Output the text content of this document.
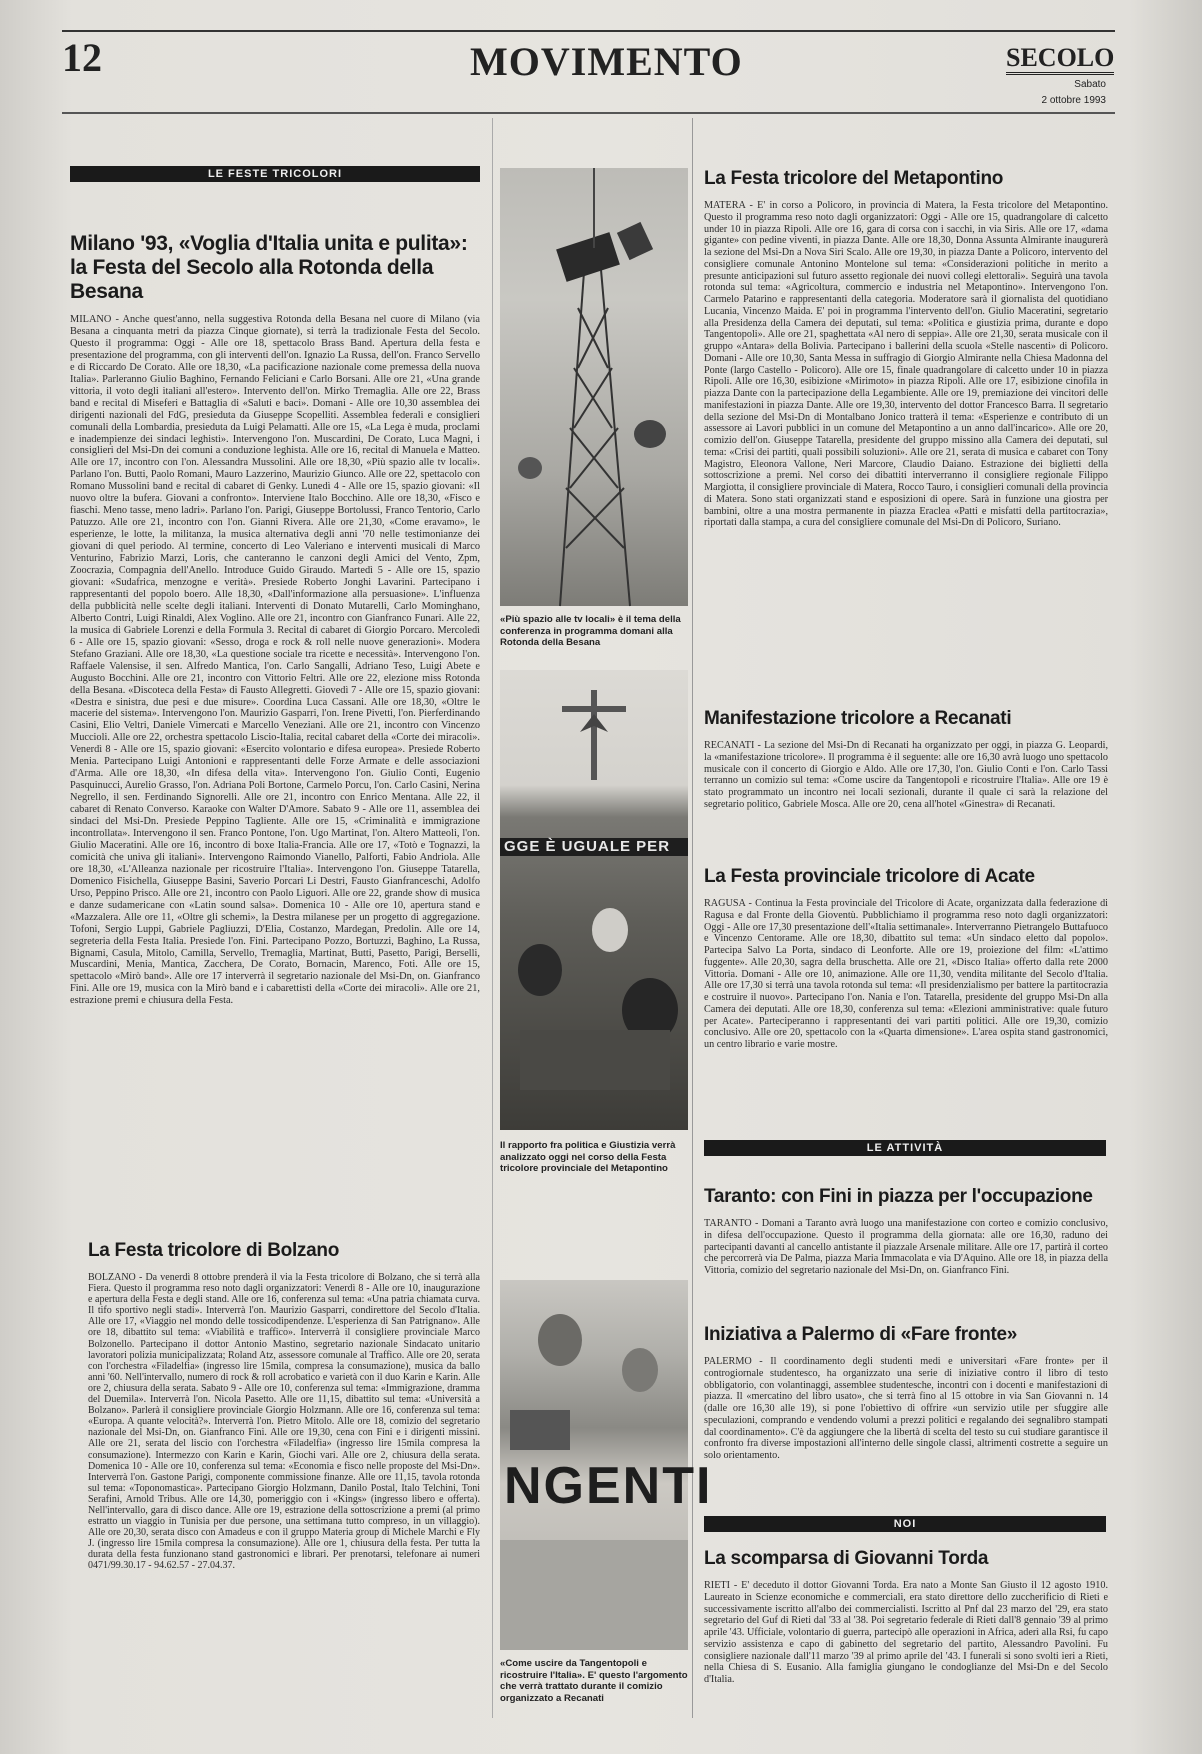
12	MOVIMENTO	SECOLO
Sabato
2 ottobre 1993
LE FESTE TRICOLORI
Milano '93, «Voglia d'Italia unita e pulita»:
la Festa del Secolo alla Rotonda della Besana
MILANO - Anche quest'anno, nella suggestiva Rotonda della Besana nel cuore di Milano (via Besana a cinquanta metri da piazza Cinque giornate), si terrà la tradizionale Festa del Secolo. Questo il programma: Oggi - Alle ore 18, spettacolo Brass Band. Apertura della festa e presentazione del programma, con gli interventi dell'on. Ignazio La Russa, dell'on. Franco Servello e di Riccardo De Corato. Alle ore 18,30, «La pacificazione nazionale come premessa della nuova Italia». Parleranno Giulio Baghino, Fernando Feliciani e Carlo Borsani. Alle ore 21, «Una grande vittoria, il voto degli italiani all'estero». Intervento dell'on. Mirko Tremaglia. Alle ore 22, Brass band e recital di Miseferi e Battaglia di «Saluti e baci». Domani - Alle ore 10,30 assemblea dei dirigenti nazionali del FdG, presieduta da Giuseppe Scopelliti. Assemblea federali e consiglieri comunali della Lombardia, presieduta da Luigi Pelamatti. Alle ore 15, «La Lega è muda, proclami e inadempienze dei sindaci leghisti». Intervengono l'on. Muscardini, De Corato, Luca Magni, i consiglieri del Msi-Dn dei comuni a conduzione leghista. Alle ore 16, recital di Manuela e Matteo. Alle ore 17, incontro con l'on. Alessandra Mussolini. Alle ore 18,30, «Più spazio alle tv locali». Parlano l'on. Butti, Paolo Romani, Mauro Lazzerino, Maurizio Giunco. Alle ore 22, spettacolo con Romano Mussolini band e recital di cabaret di Genky. Lunedì 4 - Alle ore 15, spazio giovani: «Il nuovo oltre la bufera. Giovani a confronto». Interviene Italo Bocchino. Alle ore 18,30, «Fisco e fiaschi. Meno tasse, meno ladri». Parlano l'on. Parigi, Giuseppe Bortolussi, Franco Tentorio, Carlo Patuzzo. Alle ore 21, incontro con l'on. Gianni Rivera. Alle ore 21,30, «Come eravamo», le esperienze, le lotte, la militanza, la musica alternativa degli anni '70 nelle testimonianze dei giovani di quel periodo. Al termine, concerto di Leo Valeriano e interventi musicali di Marco Venturino, Fabrizio Marzi, Loris, che canteranno le canzoni degli Amici del Vento, Zpm, Zoocrazia, Compagnia dell'Anello. Introduce Guido Giraudo. Martedì 5 - Alle ore 15, spazio giovani: «Sudafrica, menzogne e verità». Presiede Roberto Jonghi Lavarini. Partecipano i rappresentanti del popolo boero. Alle 18,30, «Dall'informazione alla persuasione». L'influenza della pubblicità nelle scelte degli italiani. Interventi di Donato Mutarelli, Carlo Mominghano, Alberto Contri, Luigi Rinaldi, Alex Voglino. Alle ore 21, incontro con Gianfranco Funari. Alle 22, la musica di Gabriele Lorenzi e della Formula 3. Recital di cabaret di Giorgio Porcaro. Mercoledì 6 - Alle ore 15, spazio giovani: «Sesso, droga e rock & roll nelle nuove generazioni». Modera Stefano Graziani. Alle ore 18,30, «La questione sociale tra ricette e necessità». Intervengono l'on. Raffaele Valensise, il sen. Alfredo Mantica, l'on. Carlo Sangalli, Adriano Teso, Luigi Abete e Augusto Bocchini. Alle ore 21, incontro con Vittorio Feltri. Alle ore 22, elezione miss Rotonda della Besana. «Discoteca della Festa» di Fausto Allegretti. Giovedì 7 - Alle ore 15, spazio giovani: «Destra e sinistra, due pesi e due misure». Coordina Luca Cassani. Alle ore 18,30, «Oltre le macerie del sistema». Intervengono l'on. Maurizio Gasparri, l'on. Irene Pivetti, l'on. Pierferdinando Casini, Elio Veltri, Daniele Vimercati e Marcello Veneziani. Alle ore 21, incontro con Vincenzo Muccioli. Alle ore 22, orchestra spettacolo Liscio-Italia, recital cabaret della «Corte dei miracoli». Venerdì 8 - Alle ore 15, spazio giovani: «Esercito volontario e difesa europea». Presiede Roberto Menia. Partecipano Luigi Antonioni e rappresentanti delle Forze Armate e delle associazioni d'Arma. Alle ore 18,30, «In difesa della vita». Intervengono l'on. Giulio Conti, Eugenio Pasquinucci, Aurelio Grasso, l'on. Adriana Poli Bortone, Carmelo Porcu, l'on. Carlo Casini, Nerina Negrello, il sen. Ferdinando Signorelli. Alle ore 21, incontro con Enrico Mentana. Alle 22, il cabaret di Renato Converso. Karaoke con Walter D'Amore. Sabato 9 - Alle ore 11, assemblea dei sindaci del Msi-Dn. Presiede Peppino Tagliente. Alle ore 15, «Criminalità e immigrazione incontrollata». Intervengono il sen. Franco Pontone, l'on. Ugo Martinat, l'on. Altero Matteoli, l'on. Giulio Maceratini. Alle ore 16, incontro di boxe Italia-Francia. Alle ore 17, «Totò e Tognazzi, la comicità che univa gli italiani». Intervengono Raimondo Vianello, Palforti, Fabio Andriola. Alle ore 18,30, «L'Alleanza nazionale per ricostruire l'Italia». Intervengono l'on. Giuseppe Tatarella, Domenico Fisichella, Giuseppe Basini, Saverio Porcari Li Destri, Fausto Gianfranceschi, Adolfo Urso, Peppino Prisco. Alle ore 21, incontro con Paolo Liguori. Alle ore 22, grande show di musica e danze sudamericane con «Latin sound salsa». Domenica 10 - Alle ore 10, apertura stand e «Mazzalera. Alle ore 11, «Oltre gli schemi», la Destra milanese per un progetto di aggregazione. Tofoni, Sergio Luppi, Gabriele Pagliuzzi, D'Elia, Costanzo, Mardegan, Predolin. Alle ore 14, segreteria della Festa Italia. Presiede l'on. Fini. Partecipano Pozzo, Bortuzzi, Baghino, La Russa, Bignami, Casula, Mitolo, Camilla, Servello, Tremaglia, Martinat, Butti, Pasetto, Parigi, Berselli, Muscardini, Menia, Mantica, Zacchera, De Corato, Bornacin, Marenco, Foti. Alle ore 15, spettacolo «Mirò band». Alle ore 17 interverrà il segretario nazionale del Msi-Dn, on. Gianfranco Fini. Alle ore 19, musica con la Mirò band e i cabarettisti della «Corte dei miracoli». Alle ore 21, estrazione premi e chiusura della Festa.
La Festa tricolore di Bolzano
BOLZANO - Da venerdì 8 ottobre prenderà il via la Festa tricolore di Bolzano, che si terrà alla Fiera. Questo il programma reso noto dagli organizzatori: Venerdì 8 - Alle ore 10, inaugurazione e apertura della Festa e degli stand. Alle ore 16, conferenza sul tema: «Una patria chiamata curva. Il tifo sportivo negli stadi». Interverrà l'on. Maurizio Gasparri, condirettore del Secolo d'Italia. Alle ore 17, «Viaggio nel mondo delle tossicodipendenze. L'esperienza di San Patrignano». Alle ore 18, dibattito sul tema: «Viabilità e traffico». Interverrà il consigliere provinciale Marco Bolzonello. Partecipano il dottor Antonio Mastino, segretario nazionale Sindacato unitario lavoratori polizia municipalizzata; Roland Atz, assessore comunale al Traffico. Alle ore 20, serata con l'orchestra «Filadelfia» (ingresso lire 15mila, compresa la consumazione), musica da ballo anni '60. Nell'intervallo, numero di rock & roll acrobatico e varietà con il duo Karin e Karin. Alle ore 2, chiusura della serata. Sabato 9 - Alle ore 10, conferenza sul tema: «Immigrazione, dramma del Duemila». Interverrà l'on. Nicola Pasetto. Alle ore 11,15, dibattito sul tema: «Università a Bolzano». Parlerà il consigliere provinciale Giorgio Holzmann. Alle ore 16, conferenza sul tema: «Europa. A quante velocità?». Interverrà l'on. Pietro Mitolo. Alle ore 18, comizio del segretario nazionale del Msi-Dn, on. Gianfranco Fini. Alle ore 19,30, cena con Fini e i dirigenti missini. Alle ore 21, serata del liscio con l'orchestra «Filadelfia» (ingresso lire 15mila compresa la consumazione). Intermezzo con Karin e Karin, Giochi vari. Alle ore 2, chiusura della serata. Domenica 10 - Alle ore 10, conferenza sul tema: «Economia e fisco nelle proposte del Msi-Dn». Interverrà l'on. Gastone Parigi, componente commissione finanze. Alle ore 11,15, tavola rotonda sul tema: «Toponomastica». Partecipano Giorgio Holzmann, Danilo Postal, Italo Telchini, Toni Serafini, Arnold Tribus. Alle ore 14,30, pomeriggio con i «Kings» (ingresso libero e offerta). Nell'intervallo, gara di disco dance. Alle ore 19, estrazione della sottoscrizione a premi (al primo estratto un viaggio in Tunisia per due persone, una settimana tutto compreso, in un villaggio). Alle ore 20,30, serata disco con Amadeus e con il gruppo Materia group di Michele Marchi e Fly J. (ingresso lire 15mila compresa la consumazione). Alle ore 1, chiusura della festa. Per tutta la durata della festa funzionano stand gastronomici e librari. Per prenotarsi, telefonare ai numeri 0471/99.30.17 - 94.62.57 - 27.04.37.
«Più spazio alle tv locali» è il tema della conferenza in programma domani alla Rotonda della Besana
GGE È UGUALE PER
Il rapporto fra politica e Giustizia verrà analizzato oggi nel corso della Festa tricolore provinciale del Metapontino
NGENTI
«Come uscire da Tangentopoli e ricostruire l'Italia». E' questo l'argomento che verrà trattato durante il comizio organizzato a Recanati
La Festa tricolore del Metapontino
MATERA - E' in corso a Policoro, in provincia di Matera, la Festa tricolore del Metapontino. Questo il programma reso noto dagli organizzatori: Oggi - Alle ore 15, quadrangolare di calcetto under 10 in piazza Ripoli. Alle ore 16, gara di corsa con i sacchi, in via Siris. Alle ore 17, «dama gigante» con pedine viventi, in piazza Dante. Alle ore 18,30, Donna Assunta Almirante inaugurerà la sezione del Msi-Dn a Nova Siri Scalo. Alle ore 19,30, in piazza Dante a Policoro, intervento del consigliere comunale Antonino Montelone sul tema: «Considerazioni politiche in merito a presunte anticipazioni sul futuro assetto regionale dei nuovi collegi elettorali». Seguirà una tavola rotonda sul tema: «Agricoltura, commercio e industria nel Metapontino». Intervengono l'on. Carmelo Patarino e rappresentanti della categoria. Moderatore sarà il giornalista del quotidiano Lucania, Vincenzo Maida. E' poi in programma l'intervento dell'on. Giulio Maceratini, segretario alla Presidenza della Camera dei deputati, sul tema: «Politica e giustizia prima, durante e dopo Tangentopoli». Alle ore 21, spaghettata «Al nero di seppia». Alle ore 21,30, serata musicale con il gruppo «Antara» della Bolivia. Partecipano i ballerini della scuola «Stelle nascenti» di Policoro. Domani - Alle ore 10,30, Santa Messa in suffragio di Giorgio Almirante nella Chiesa Madonna del Ponte (largo Castello - Policoro). Alle ore 15, finale quadrangolare di calcetto under 10 in piazza Ripoli. Alle ore 16,30, esibizione «Mirimoto» in piazza Ripoli. Alle ore 17, esibizione cinofila in piazza Dante con la partecipazione della Legambiente. Alle ore 19, premiazione dei vincitori delle manifestazioni in piazza Dante. Alle ore 19,30, intervento del dottor Francesco Barra. Il segretario della sezione del Msi-Dn di Montalbano Jonico tratterà il tema: «Esperienze e contributo di un assessore ai Lavori pubblici in un comune del Metapontino a un anno dall'incarico». Alle ore 20, comizio dell'on. Giuseppe Tatarella, presidente del gruppo missino alla Camera dei deputati, sul tema: «Crisi dei partiti, quali possibili soluzioni». Alle ore 21, serata di musica e cabaret con Tony Magistro, Eleonora Vallone, Neri Marcore, Claudio Daiano. Estrazione dei biglietti della sottoscrizione a premi. Nel corso dei dibattiti interverranno il consigliere regionale Filippo Margiotta, il consigliere provinciale di Matera, Rocco Tauro, i consiglieri comunali della provincia di Matera. Sono stati organizzati stand e esposizioni di opere. Sarà in funzione una giostra per bambini, oltre a una mostra permanente in piazza Eraclea «Patti e misfatti della partitocrazia», riportati dalla stampa, a cura del consigliere comunale del Msi-Dn di Policoro, Suriano.
Manifestazione tricolore a Recanati
RECANATI - La sezione del Msi-Dn di Recanati ha organizzato per oggi, in piazza G. Leopardi, la «manifestazione tricolore». Il programma è il seguente: alle ore 16,30 avrà luogo uno spettacolo musicale con il concerto di Giorgio e Aldo. Alle ore 17,30, l'on. Giulio Conti e l'on. Carlo Tassi terranno un comizio sul tema: «Come uscire da Tangentopoli e ricostruire l'Italia». Alle ore 19 è stato programmato un incontro nei locali sezionali, durante il quale ci sarà la relazione del segretario politico, Gabriele Mosca. Alle ore 20, cena all'hotel «Ginestra» di Recanati.
La Festa provinciale tricolore di Acate
RAGUSA - Continua la Festa provinciale del Tricolore di Acate, organizzata dalla federazione di Ragusa e dal Fronte della Gioventù. Pubblichiamo il programma reso noto dagli organizzatori: Oggi - Alle ore 17,30 presentazione dell'«Italia settimanale». Interverranno Pietrangelo Buttafuoco e Vincenzo Centorame. Alle ore 18,30, dibattito sul tema: «Un sindaco eletto dal popolo». Partecipa Salvo La Porta, sindaco di Leonforte. Alle ore 19, proiezione del film: «L'attimo fuggente». Alle 20,30, sagra della bruschetta. Alle ore 21, «Disco Italia» offerto dalla rete 2000 Vittoria. Domani - Alle ore 10, animazione. Alle ore 11,30, vendita militante del Secolo d'Italia. Alle ore 17,30 si terrà una tavola rotonda sul tema: «Il presidenzialismo per battere la partitocrazia e costruire il nuovo». Partecipano l'on. Nania e l'on. Tatarella, presidente del gruppo Msi-Dn alla Camera dei deputati. Alle ore 18,30, conferenza sul tema: «Elezioni amministrative: quale futuro per Acate». Parteciperanno i rappresentanti dei vari partiti politici. Alle ore 19,30, comizio conclusivo. Alle ore 20, spettacolo con la «Quarta dimensione». L'area ospita stand gastronomici, un centro librario e varie mostre.
LE ATTIVITÀ
Taranto: con Fini in piazza per l'occupazione
TARANTO - Domani a Taranto avrà luogo una manifestazione con corteo e comizio conclusivo, in difesa dell'occupazione. Questo il programma della giornata: alle ore 16,30, raduno dei partecipanti davanti al cancello antistante il piazzale Arsenale militare. Alle ore 17, partirà il corteo che percorrerà via De Palma, piazza Maria Immacolata e via D'Aquino. Alle ore 18, in piazza della Vittoria, comizio del segretario nazionale del Msi-Dn, on. Gianfranco Fini.
Iniziativa a Palermo di «Fare fronte»
PALERMO - Il coordinamento degli studenti medi e universitari «Fare fronte» per il controgiornale studentesco, ha organizzato una serie di iniziative contro il libro di testo obbligatorio, con volantinaggi, assemblee studentesche, incontri con i docenti e manifestazioni di piazza. Il «mercatino del libro usato», che si terrà fino al 15 ottobre in via San Giovanni n. 14 (dalle ore 16,30 alle 19), si pone l'obiettivo di offrire «un servizio utile per sfuggire alle speculazioni, comprando e vendendo volumi a prezzi politici e regalando dei segnalibro stampati dal coordinamento». C'è da aggiungere che la libertà di scelta del testo su cui studiare garantisce il confronto fra diverse impostazioni all'interno delle singole classi, altrimenti costrette a seguire un solo orientamento.
NOI
La scomparsa di Giovanni Torda
RIETI - E' deceduto il dottor Giovanni Torda. Era nato a Monte San Giusto il 12 agosto 1910. Laureato in Scienze economiche e commerciali, era stato direttore dello zuccherificio di Rieti e successivamente iscritto all'albo dei commercialisti. Iscritto al Pnf dal 23 marzo del '29, era stato segretario del Guf di Rieti dal '33 al '38. Poi segretario federale di Rieti dall'8 gennaio '39 al primo aprile '43. Ufficiale, volontario di guerra, partecipò alle operazioni in Africa, aderì alla Rsi, fu capo servizio assistenza e capo di gabinetto del segretario del partito, Alessandro Pavolini. Fu consigliere nazionale dall'11 marzo '39 al primo aprile del '43. I funerali si sono svolti ieri a Rieti, nella Chiesa di S. Eusanio. Alla famiglia giungano le condoglianze del Msi-Dn e del Secolo d'Italia.
